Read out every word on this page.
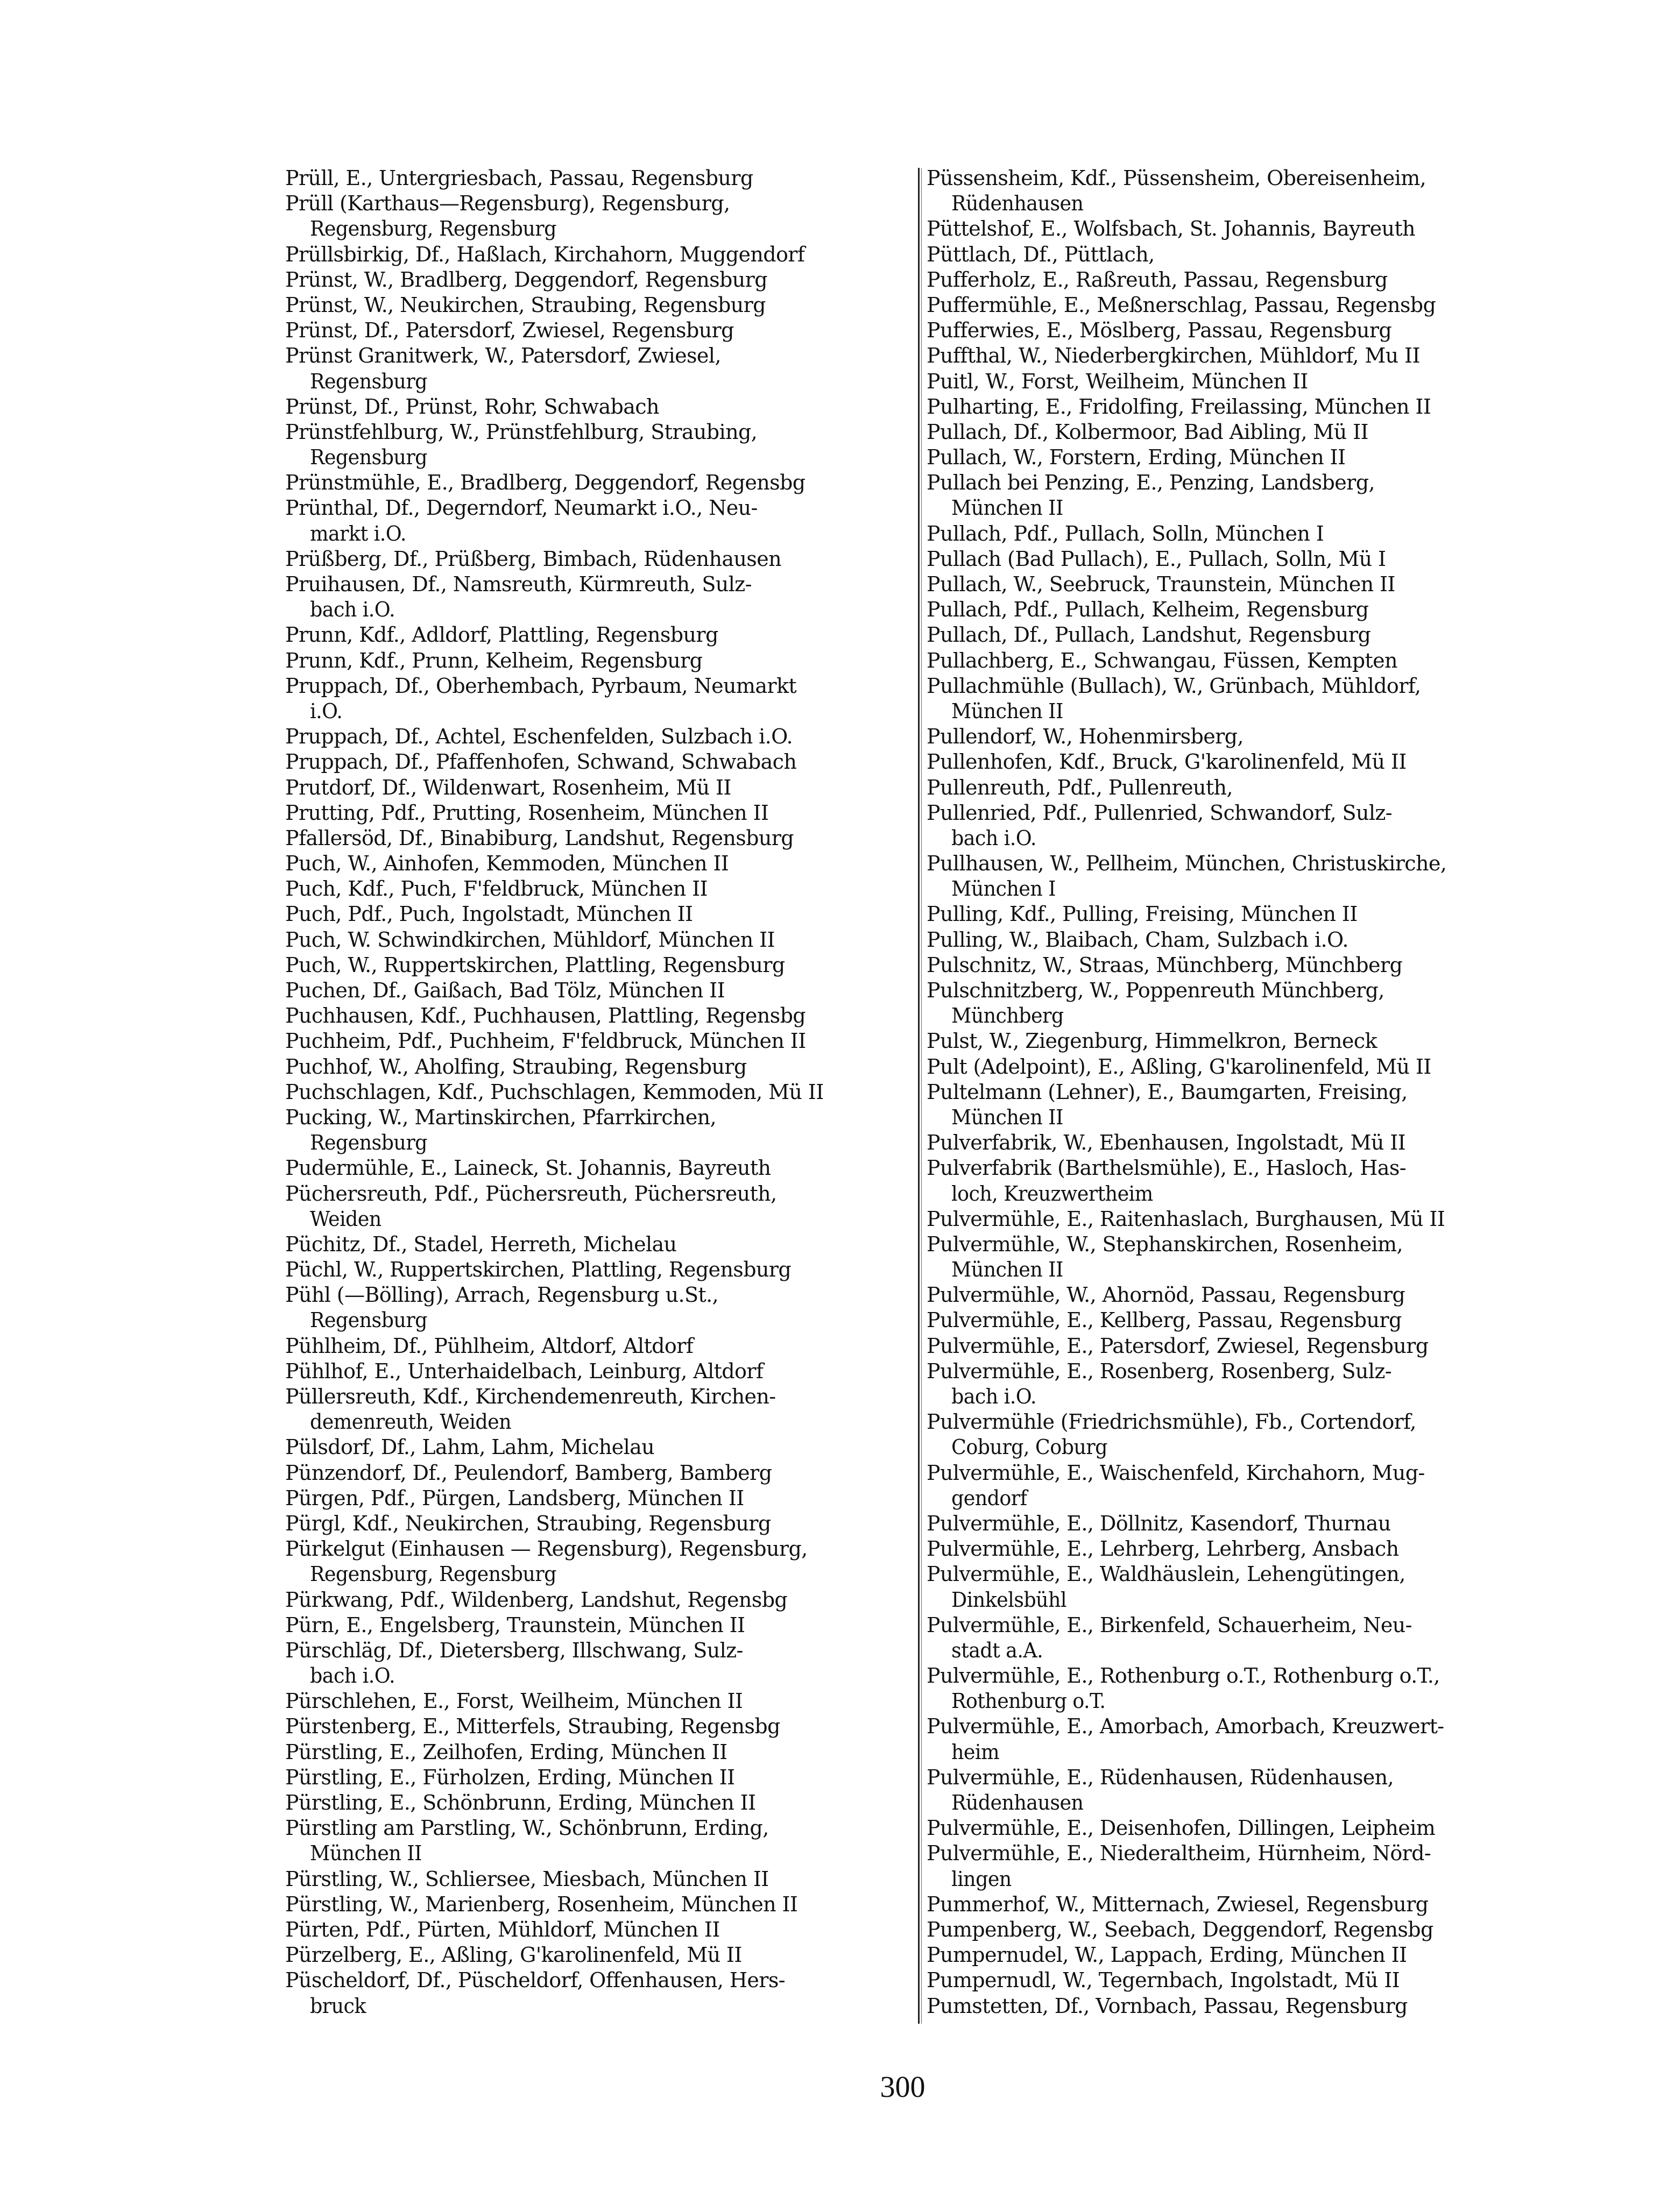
Prüll, E., Untergriesbach, Passau, Regensburg
Prüll (Karthaus—Regensburg), Regensburg,
Regensburg, Regensburg
Prüllsbirkig, Df., Haßlach, Kirchahorn, Muggendorf
Prünst, W., Bradlberg, Deggendorf, Regensburg
Prünst, W., Neukirchen, Straubing, Regensburg
Prünst, Df., Patersdorf, Zwiesel, Regensburg
Prünst Granitwerk, W., Patersdorf, Zwiesel,
Regensburg
Prünst, Df., Prünst, Rohr, Schwabach
Prünstfehlburg, W., Prünstfehlburg, Straubing,
Regensburg
Prünstmühle, E., Bradlberg, Deggendorf, Regensbg
Prünthal, Df., Degerndorf, Neumarkt i.O., Neu-
markt i.O.
Prüßberg, Df., Prüßberg, Bimbach, Rüdenhausen
Pruihausen, Df., Namsreuth, Kürmreuth, Sulz-
bach i.O.
Prunn, Kdf., Adldorf, Plattling, Regensburg
Prunn, Kdf., Prunn, Kelheim, Regensburg
Pruppach, Df., Oberhembach, Pyrbaum, Neumarkt
i.O.
Pruppach, Df., Achtel, Eschenfelden, Sulzbach i.O.
Pruppach, Df., Pfaffenhofen, Schwand, Schwabach
Prutdorf, Df., Wildenwart, Rosenheim, Mü II
Prutting, Pdf., Prutting, Rosenheim, München II
Pfallersöd, Df., Binabiburg, Landshut, Regensburg
Puch, W., Ainhofen, Kemmoden, München II
Puch, Kdf., Puch, F'feldbruck, München II
Puch, Pdf., Puch, Ingolstadt, München II
Puch, W. Schwindkirchen, Mühldorf, München II
Puch, W., Ruppertskirchen, Plattling, Regensburg
Puchen, Df., Gaißach, Bad Tölz, München II
Puchhausen, Kdf., Puchhausen, Plattling, Regensbg
Puchheim, Pdf., Puchheim, F'feldbruck, München II
Puchhof, W., Aholfing, Straubing, Regensburg
Puchschlagen, Kdf., Puchschlagen, Kemmoden, Mü II
Pucking, W., Martinskirchen, Pfarrkirchen,
Regensburg
Pudermühle, E., Laineck, St. Johannis, Bayreuth
Püchersreuth, Pdf., Püchersreuth, Püchersreuth,
Weiden
Püchitz, Df., Stadel, Herreth, Michelau
Püchl, W., Ruppertskirchen, Plattling, Regensburg
Pühl (—Bölling), Arrach, Regensburg u.St.,
Regensburg
Pühlheim, Df., Pühlheim, Altdorf, Altdorf
Pühlhof, E., Unterhaidelbach, Leinburg, Altdorf
Püllersreuth, Kdf., Kirchendemenreuth, Kirchen-
demenreuth, Weiden
Pülsdorf, Df., Lahm, Lahm, Michelau
Pünzendorf, Df., Peulendorf, Bamberg, Bamberg
Pürgen, Pdf., Pürgen, Landsberg, München II
Pürgl, Kdf., Neukirchen, Straubing, Regensburg
Pürkelgut (Einhausen — Regensburg), Regensburg,
Regensburg, Regensburg
Pürkwang, Pdf., Wildenberg, Landshut, Regensbg
Pürn, E., Engelsberg, Traunstein, München II
Pürschläg, Df., Dietersberg, Illschwang, Sulz-
bach i.O.
Pürschlehen, E., Forst, Weilheim, München II
Pürstenberg, E., Mitterfels, Straubing, Regensbg
Pürstling, E., Zeilhofen, Erding, München II
Pürstling, E., Fürholzen, Erding, München II
Pürstling, E., Schönbrunn, Erding, München II
Pürstling am Parstling, W., Schönbrunn, Erding,
München II
Pürstling, W., Schliersee, Miesbach, München II
Pürstling, W., Marienberg, Rosenheim, München II
Pürten, Pdf., Pürten, Mühldorf, München II
Pürzelberg, E., Aßling, G'karolinenfeld, Mü II
Püscheldorf, Df., Püscheldorf, Offenhausen, Hers-
bruck
Püssensheim, Kdf., Püssensheim, Obereisenheim,
Rüdenhausen
Püttelshof, E., Wolfsbach, St. Johannis, Bayreuth
Püttlach, Df., Püttlach,
Pufferholz, E., Raßreuth, Passau, Regensburg
Puffermühle, E., Meßnerschlag, Passau, Regensbg
Pufferwies, E., Möslberg, Passau, Regensburg
Puffthal, W., Niederbergkirchen, Mühldorf, Mu II
Puitl, W., Forst, Weilheim, München II
Pulharting, E., Fridolfing, Freilassing, München II
Pullach, Df., Kolbermoor, Bad Aibling, Mü II
Pullach, W., Forstern, Erding, München II
Pullach bei Penzing, E., Penzing, Landsberg,
München II
Pullach, Pdf., Pullach, Solln, München I
Pullach (Bad Pullach), E., Pullach, Solln, Mü I
Pullach, W., Seebruck, Traunstein, München II
Pullach, Pdf., Pullach, Kelheim, Regensburg
Pullach, Df., Pullach, Landshut, Regensburg
Pullachberg, E., Schwangau, Füssen, Kempten
Pullachmühle (Bullach), W., Grünbach, Mühldorf,
München II
Pullendorf, W., Hohenmirsberg,
Pullenhofen, Kdf., Bruck, G'karolinenfeld, Mü II
Pullenreuth, Pdf., Pullenreuth,
Pullenried, Pdf., Pullenried, Schwandorf, Sulz-
bach i.O.
Pullhausen, W., Pellheim, München, Christuskirche,
München I
Pulling, Kdf., Pulling, Freising, München II
Pulling, W., Blaibach, Cham, Sulzbach i.O.
Pulschnitz, W., Straas, Münchberg, Münchberg
Pulschnitzberg, W., Poppenreuth Münchberg,
Münchberg
Pulst, W., Ziegenburg, Himmelkron, Berneck
Pult (Adelpoint), E., Aßling, G'karolinenfeld, Mü II
Pultelmann (Lehner), E., Baumgarten, Freising,
München II
Pulverfabrik, W., Ebenhausen, Ingolstadt, Mü II
Pulverfabrik (Barthelsmühle), E., Hasloch, Has-
loch, Kreuzwertheim
Pulvermühle, E., Raitenhaslach, Burghausen, Mü II
Pulvermühle, W., Stephanskirchen, Rosenheim,
München II
Pulvermühle, W., Ahornöd, Passau, Regensburg
Pulvermühle, E., Kellberg, Passau, Regensburg
Pulvermühle, E., Patersdorf, Zwiesel, Regensburg
Pulvermühle, E., Rosenberg, Rosenberg, Sulz-
bach i.O.
Pulvermühle (Friedrichsmühle), Fb., Cortendorf,
Coburg, Coburg
Pulvermühle, E., Waischenfeld, Kirchahorn, Mug-
gendorf
Pulvermühle, E., Döllnitz, Kasendorf, Thurnau
Pulvermühle, E., Lehrberg, Lehrberg, Ansbach
Pulvermühle, E., Waldhäuslein, Lehengütingen,
Dinkelsbühl
Pulvermühle, E., Birkenfeld, Schauerheim, Neu-
stadt a.A.
Pulvermühle, E., Rothenburg o.T., Rothenburg o.T.,
Rothenburg o.T.
Pulvermühle, E., Amorbach, Amorbach, Kreuzwert-
heim
Pulvermühle, E., Rüdenhausen, Rüdenhausen,
Rüdenhausen
Pulvermühle, E., Deisenhofen, Dillingen, Leipheim
Pulvermühle, E., Niederaltheim, Hürnheim, Nörd-
lingen
Pummerhof, W., Mitternach, Zwiesel, Regensburg
Pumpenberg, W., Seebach, Deggendorf, Regensbg
Pumpernudel, W., Lappach, Erding, München II
Pumpernudl, W., Tegernbach, Ingolstadt, Mü II
Pumstetten, Df., Vornbach, Passau, Regensburg
300
